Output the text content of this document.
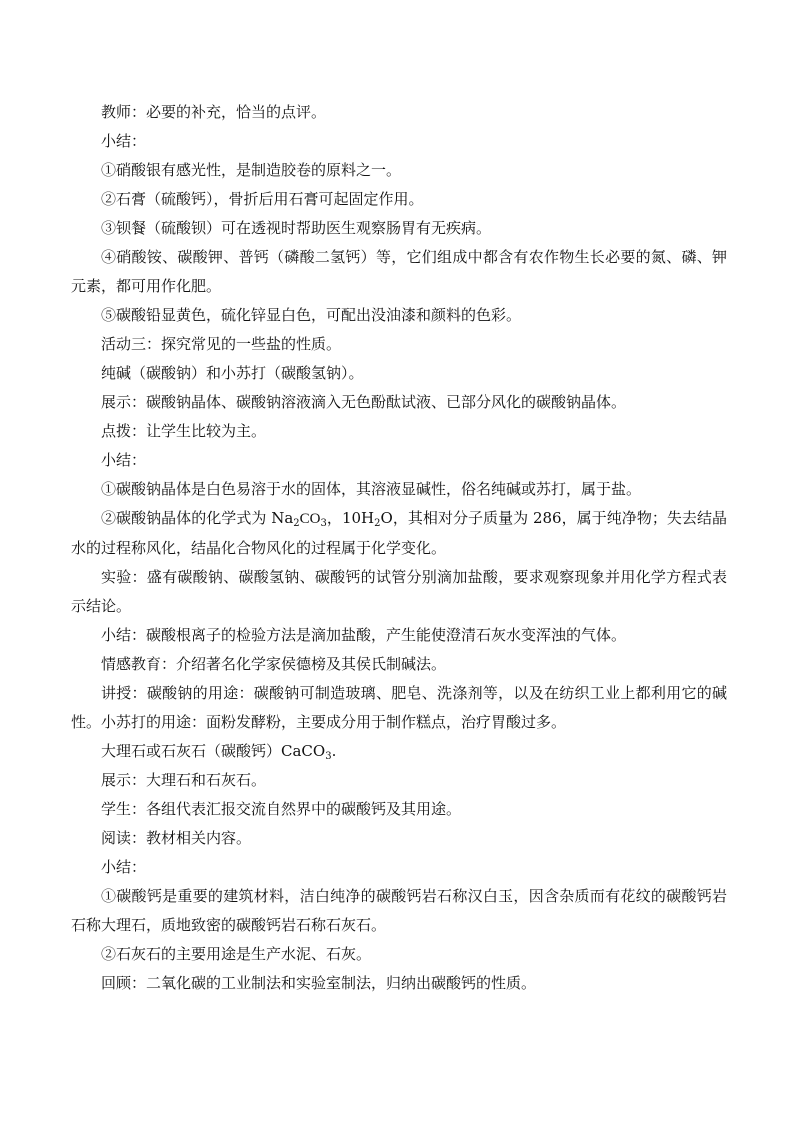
教师：必要的补充，恰当的点评。

小结：

①硝酸银有感光性，是制造胶卷的原料之一。

②石膏（硫酸钙），骨折后用石膏可起固定作用。

③钡餐（硫酸钡）可在透视时帮助医生观察肠胃有无疾病。

④硝酸铵、碳酸钾、普钙（磷酸二氢钙）等，它们组成中都含有农作物生长必要的氮、磷、钾元素，都可用作化肥。

⑤碳酸铅显黄色，硫化锌显白色，可配出没油漆和颜料的色彩。

活动三：探究常见的一些盐的性质。

纯碱（碳酸钠）和小苏打（碳酸氢钠）。

展示：碳酸钠晶体、碳酸钠溶液滴入无色酚酞试液、已部分风化的碳酸钠晶体。

点拨：让学生比较为主。

小结：

①碳酸钠晶体是白色易溶于水的固体，其溶液显碱性，俗名纯碱或苏打，属于盐。

②碳酸钠晶体的化学式为 $Na_2CO_3$，$10H_2O$，其相对分子质量为 286，属于纯净物；失去结晶水的过程称风化，结晶化合物风化的过程属于化学变化。

实验：盛有碳酸钠、碳酸氢钠、碳酸钙的试管分别滴加盐酸，要求观察现象并用化学方程式表示结论。

小结：碳酸根离子的检验方法是滴加盐酸，产生能使澄清石灰水变浑浊的气体。

情感教育：介绍著名化学家侯德榜及其侯氏制碱法。

讲授：碳酸钠的用途：碳酸钠可制造玻璃、肥皂、洗涤剂等，以及在纺织工业上都利用它的碱性。小苏打的用途：面粉发酵粉，主要成分用于制作糕点，治疗胃酸过多。

大理石或石灰石（碳酸钙）CaCO$_3$.

展示：大理石和石灰石。

学生：各组代表汇报交流自然界中的碳酸钙及其用途。

阅读：教材相关内容。

小结：

①碳酸钙是重要的建筑材料，洁白纯净的碳酸钙岩石称汉白玉，因含杂质而有花纹的碳酸钙岩石称大理石，质地致密的碳酸钙岩石称石灰石。

②石灰石的主要用途是生产水泥、石灰。

回顾：二氧化碳的工业制法和实验室制法，归纳出碳酸钙的性质。
